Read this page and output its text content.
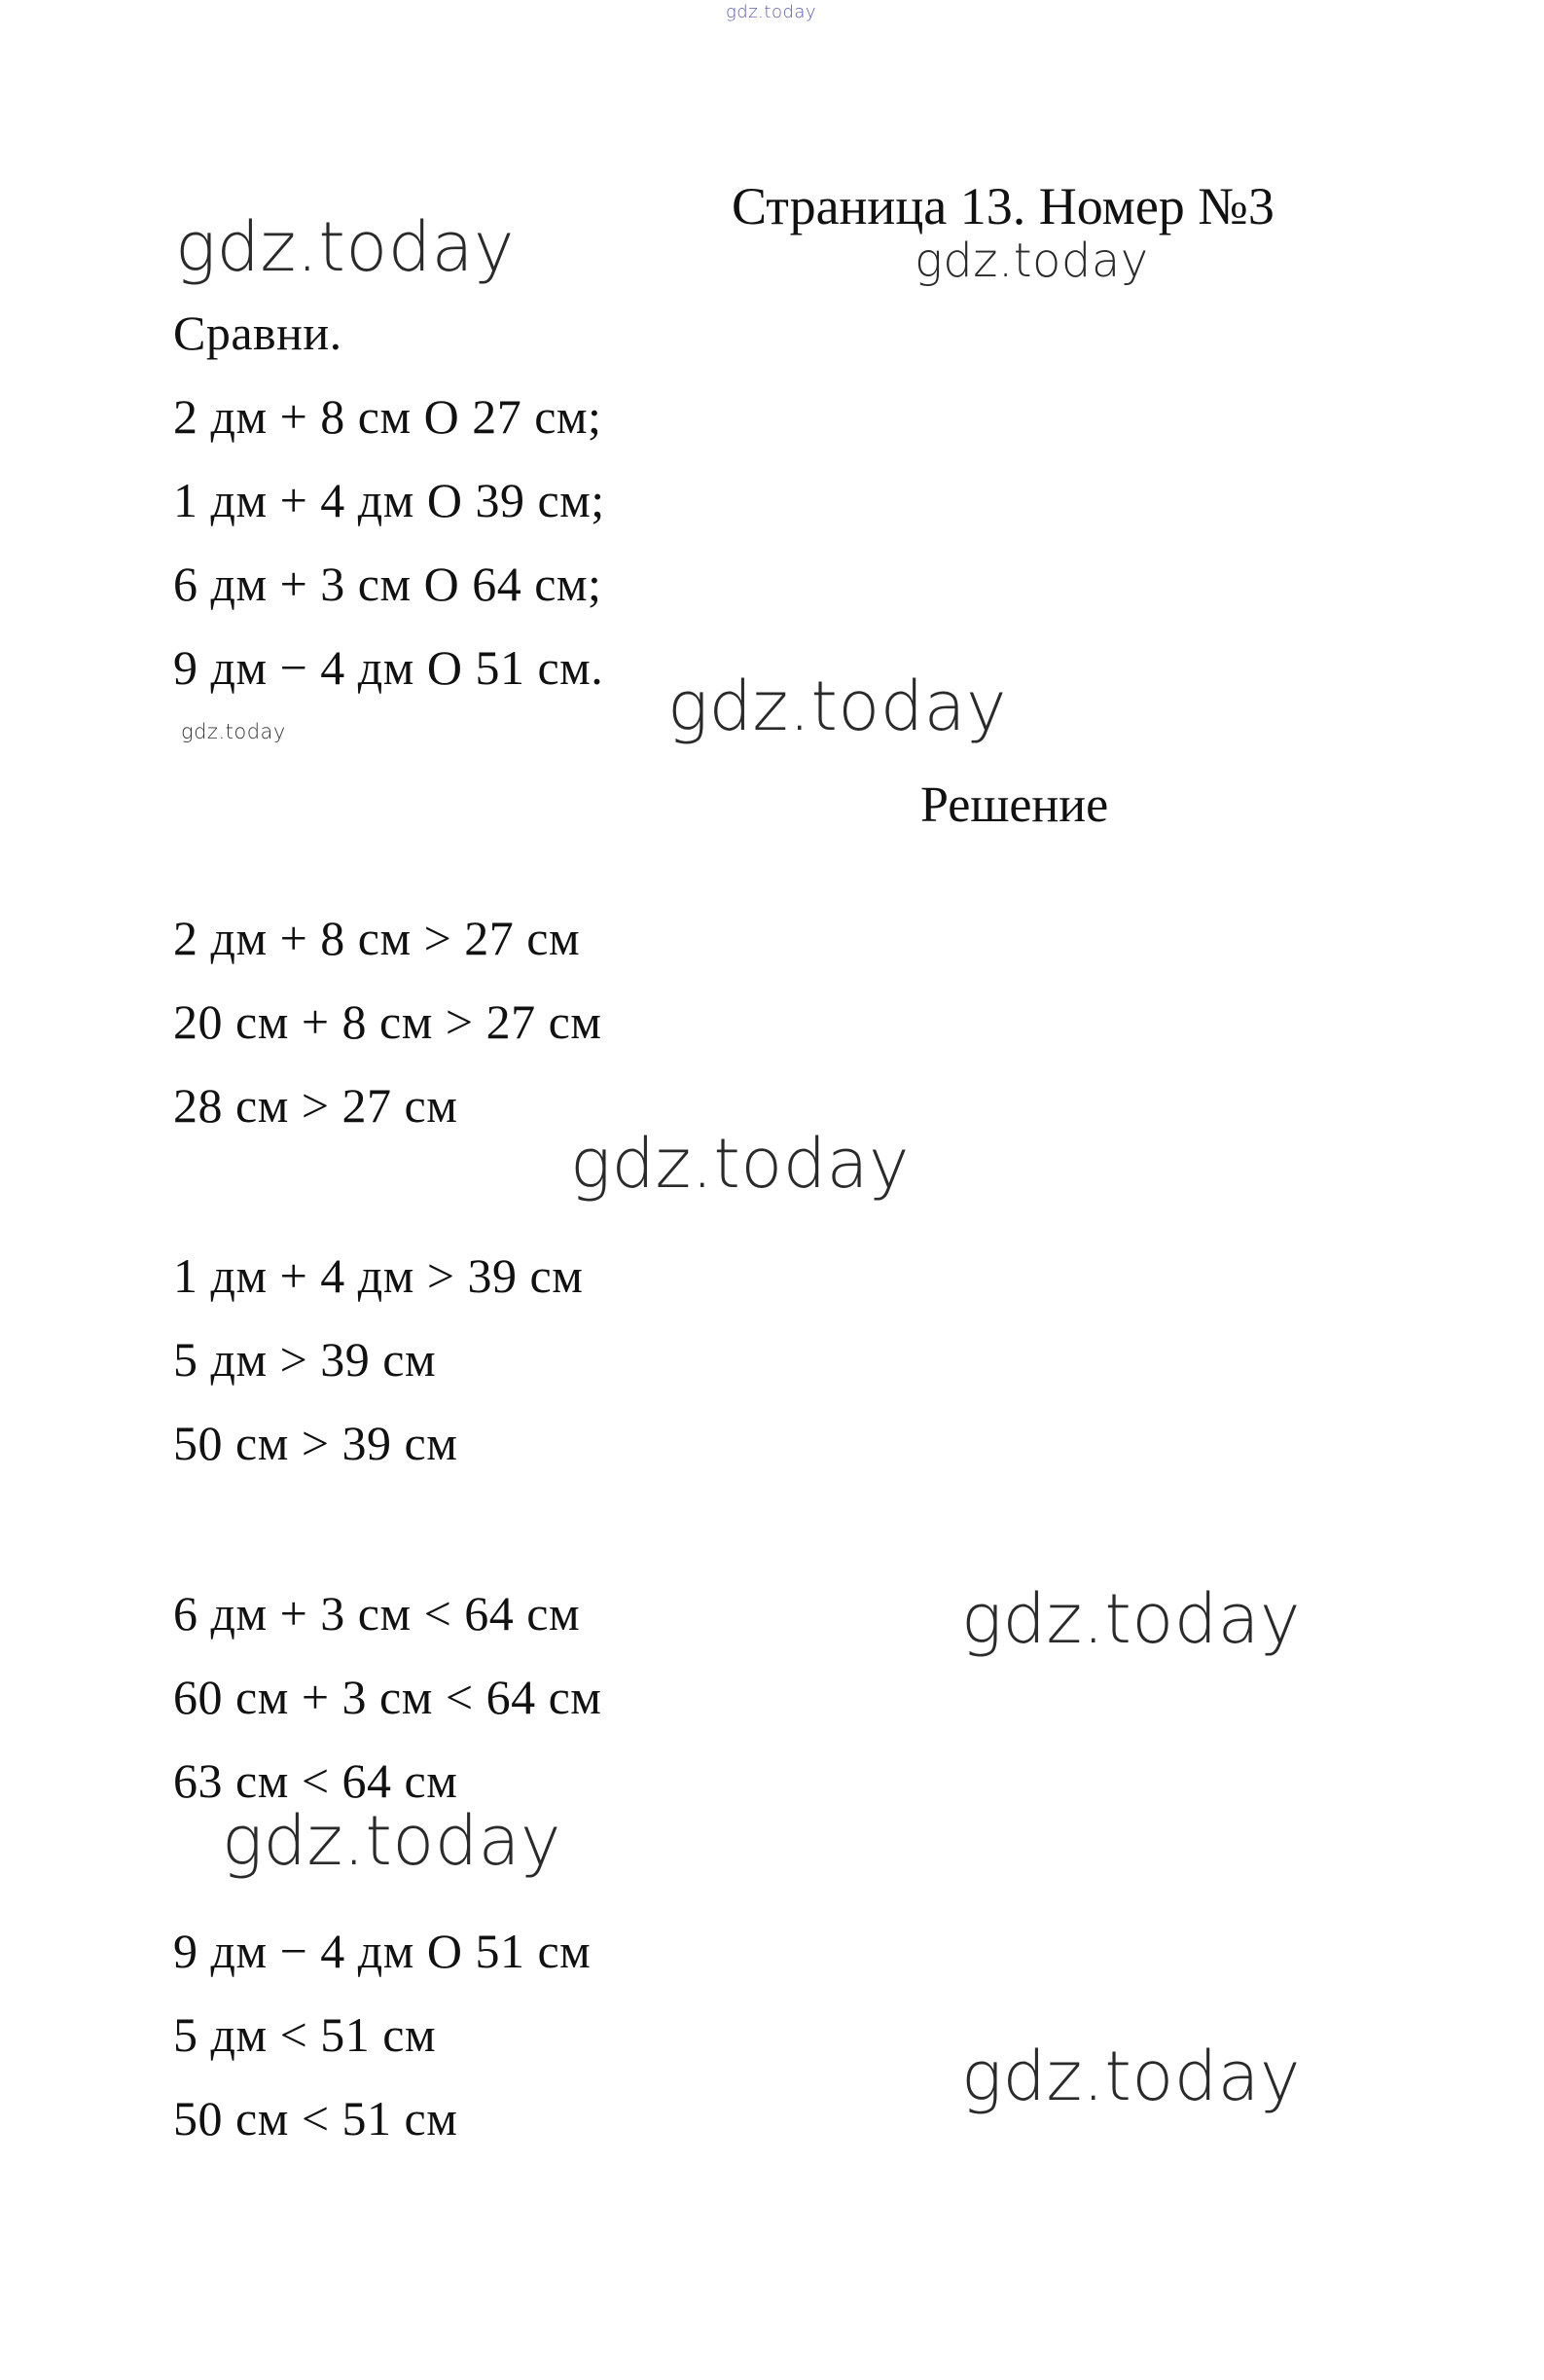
gdz.today
gdz.today	gdz.today
gdz.today
gdz.today
gdz.today
gdz.today
gdz.today
gdz.today
Страница 13. Номер №3
Сравни.
2 дм + 8 см O 27 см;
1 дм + 4 дм O 39 см;
6 дм + 3 см O 64 см;
9 дм − 4 дм O 51 см.
Решение
2 дм + 8 см > 27 см
20 см + 8 см > 27 см
28 см > 27 см
1 дм + 4 дм > 39 см
5 дм > 39 см
50 см > 39 см
6 дм + 3 см < 64 см
60 см + 3 см < 64 см
63 см < 64 см
9 дм − 4 дм O 51 см
5 дм < 51 см
50 см < 51 см
